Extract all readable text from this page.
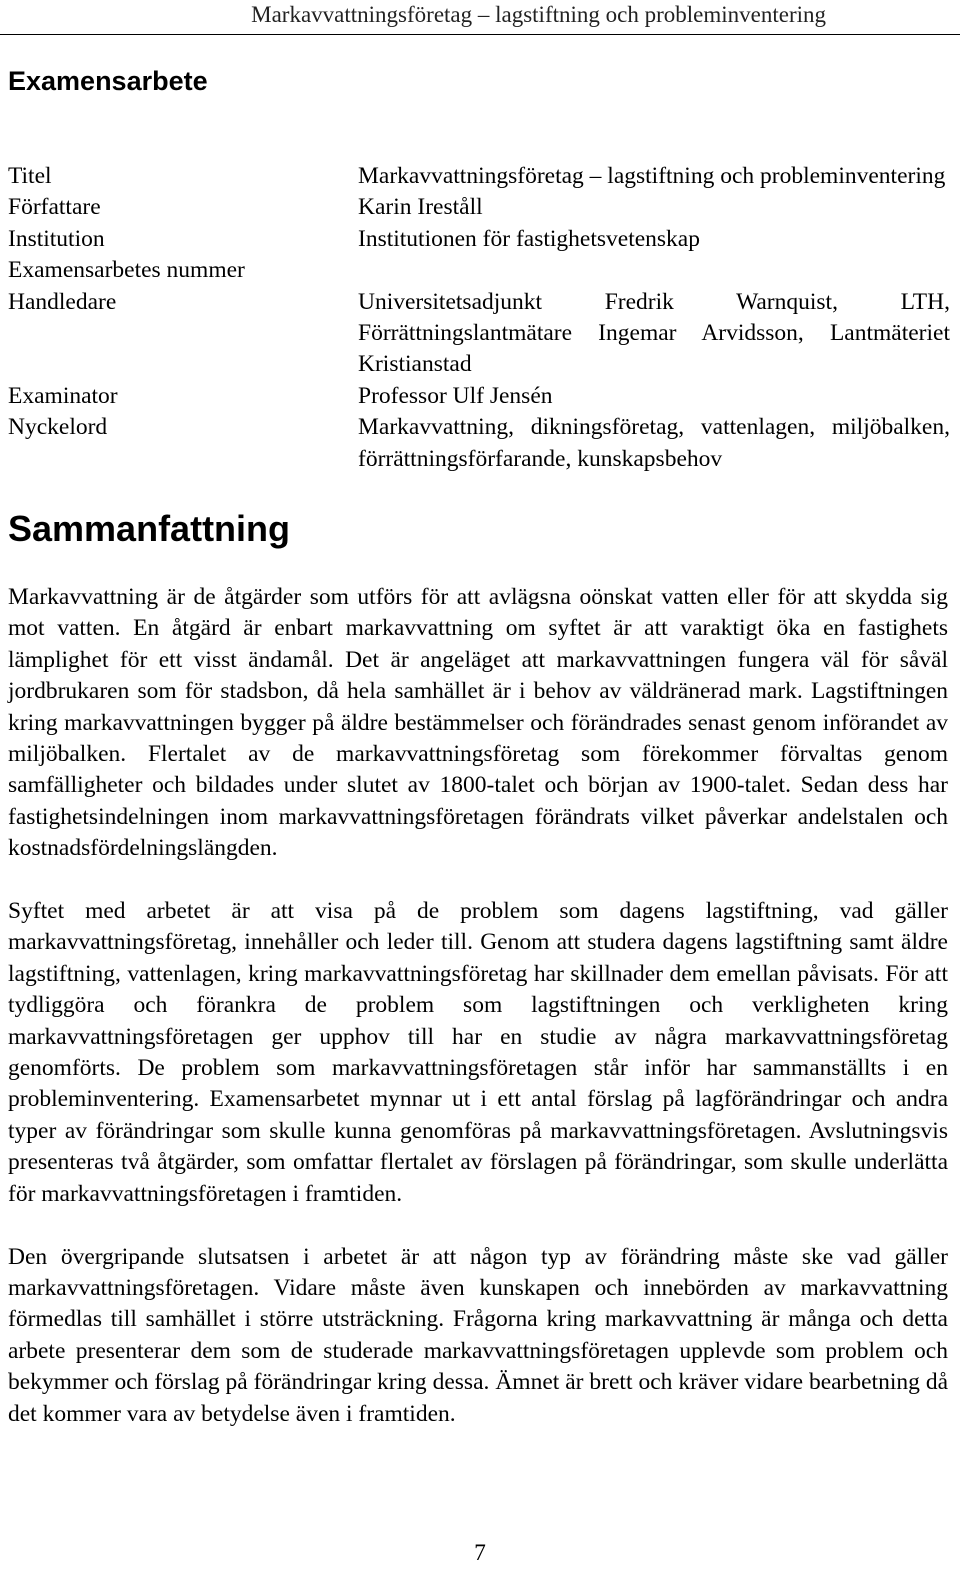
Markavvattningsföretag – lagstiftning och probleminventering
Examensarbete
Titel	Markavvattningsföretag – lagstiftning och probleminventering
Författare	Karin Ireståll
Institution	Institutionen för fastighetsvetenskap
Examensarbetes nummer
Handledare	Universitetsadjunkt Fredrik Warnquist, LTH, Förrättningslantmätare Ingemar Arvidsson, Lantmäteriet Kristianstad
Examinator	Professor Ulf Jensén
Nyckelord	Markavvattning, dikningsföretag, vattenlagen, miljöbalken, förrättningsförfarande, kunskapsbehov
Sammanfattning

Markavvattning är de åtgärder som utförs för att avlägsna oönskat vatten eller för att skydda sig mot vatten. En åtgärd är enbart markavvattning om syftet är att varaktigt öka en fastighets lämplighet för ett visst ändamål. Det är angeläget att markavvattningen fungera väl för såväl jordbrukaren som för stadsbon, då hela samhället är i behov av väldränerad mark. Lagstiftningen kring markavvattningen bygger på äldre bestämmelser och förändrades senast genom införandet av miljöbalken. Flertalet av de markavvattningsföretag som förekommer förvaltas genom samfälligheter och bildades under slutet av 1800-talet och början av 1900-talet. Sedan dess har fastighetsindelningen inom markavvattningsföretagen förändrats vilket påverkar andelstalen och kostnadsfördelningslängden.

Syftet med arbetet är att visa på de problem som dagens lagstiftning, vad gäller markavvattningsföretag, innehåller och leder till. Genom att studera dagens lagstiftning samt äldre lagstiftning, vattenlagen, kring markavvattningsföretag har skillnader dem emellan påvisats. För att tydliggöra och förankra de problem som lagstiftningen och verkligheten kring markavvattningsföretagen ger upphov till har en studie av några markavvattningsföretag genomförts. De problem som markavvattningsföretagen står inför har sammanställts i en probleminventering. Examensarbetet mynnar ut i ett antal förslag på lagförändringar och andra typer av förändringar som skulle kunna genomföras på markavvattningsföretagen. Avslutningsvis presenteras två åtgärder, som omfattar flertalet av förslagen på förändringar, som skulle underlätta för markavvattningsföretagen i framtiden.

Den övergripande slutsatsen i arbetet är att någon typ av förändring måste ske vad gäller markavvattningsföretagen. Vidare måste även kunskapen och innebörden av markavvattning förmedlas till samhället i större utsträckning. Frågorna kring markavvattning är många och detta arbete presenterar dem som de studerade markavvattningsföretagen upplevde som problem och bekymmer och förslag på förändringar kring dessa. Ämnet är brett och kräver vidare bearbetning då det kommer vara av betydelse även i framtiden.

7
